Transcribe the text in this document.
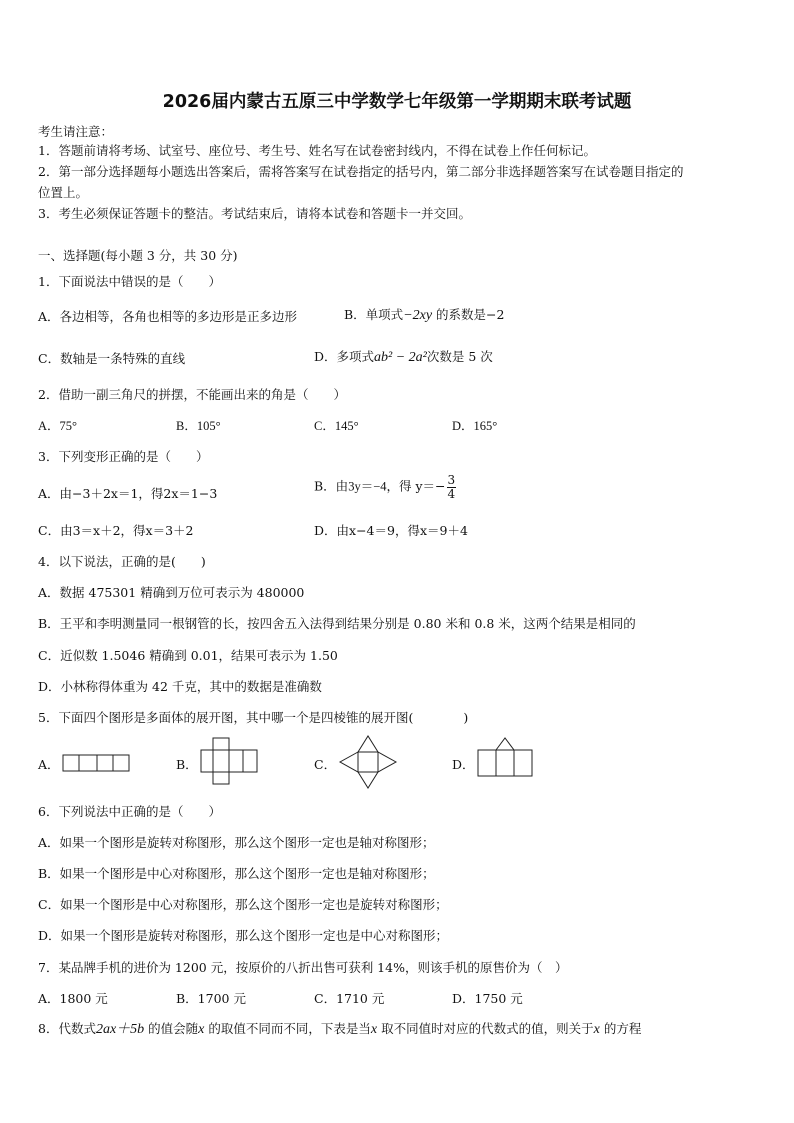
2026届内蒙古五原三中学数学七年级第一学期期末联考试题
考生请注意：
1．答题前请将考场、试室号、座位号、考生号、姓名写在试卷密封线内，不得在试卷上作任何标记。
2．第一部分选择题每小题选出答案后，需将答案写在试卷指定的括号内，第二部分非选择题答案写在试卷题目指定的
位置上。
3．考生必须保证答题卡的整洁。考试结束后，请将本试卷和答题卡一并交回。
一、选择题(每小题 3 分，共 30 分)
1．下面说法中错误的是（　　）
A．各边相等，各角也相等的多边形是正多边形	B．单项式−2xy 的系数是−2
C．数轴是一条特殊的直线	D．多项式ab² − 2a²次数是 5 次
2．借助一副三角尺的拼摆，不能画出来的角是（　　）
A．75°	B．105°	C．145°	D．165°
3．下列变形正确的是（　　）
A．由−3＋2x＝1，得2x＝1−3	B．由3y＝−4，得 $y=- \frac{3}{4}$
C．由3＝x＋2，得x＝3＋2	D．由x−4＝9，得x＝9＋4
4．以下说法，正确的是(　　)
A．数据 475301 精确到万位可表示为 480000
B．王平和李明测量同一根钢管的长，按四舍五入法得到结果分别是 0.80 米和 0.8 米，这两个结果是相同的
C．近似数 1.5046 精确到 0.01，结果可表示为 1.50
D．小林称得体重为 42 千克，其中的数据是准确数
5．下面四个图形是多面体的展开图，其中哪一个是四棱锥的展开图(　　　　)
A．	B．	C．	D．
6．下列说法中正确的是（　　）
A．如果一个图形是旋转对称图形，那么这个图形一定也是轴对称图形；
B．如果一个图形是中心对称图形，那么这个图形一定也是轴对称图形；
C．如果一个图形是中心对称图形，那么这个图形一定也是旋转对称图形；
D．如果一个图形是旋转对称图形，那么这个图形一定也是中心对称图形；
7．某品牌手机的进价为 1200 元，按原价的八折出售可获利 14%，则该手机的原售价为（　）
A．1800 元	B．1700 元	C．1710 元	D．1750 元
8．代数式2ax＋5b 的值会随x 的取值不同而不同，下表是当x 取不同值时对应的代数式的值，则关于x 的方程
